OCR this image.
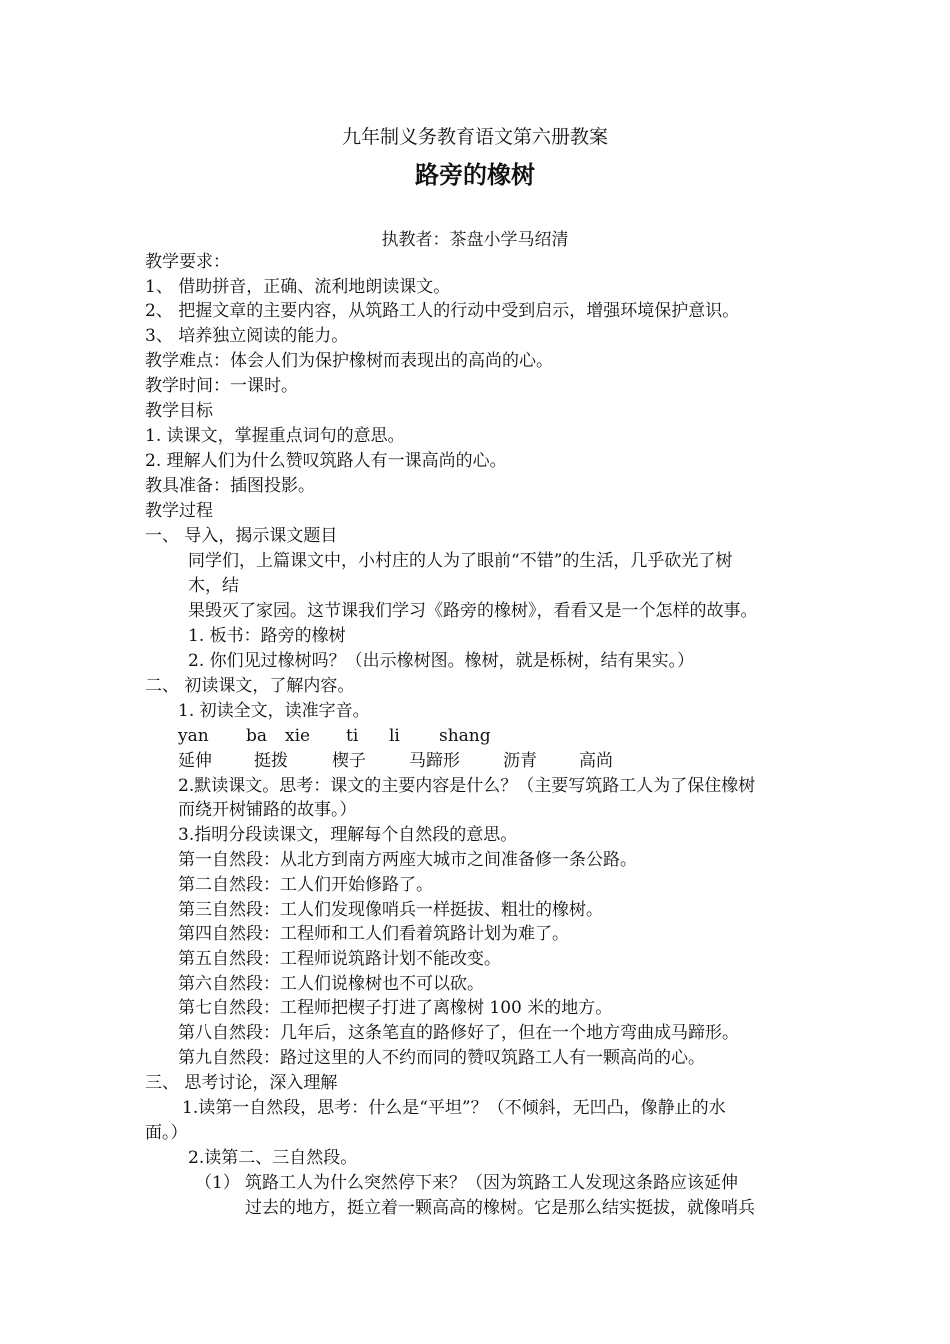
九年制义务教育语文第六册教案
路旁的橡树
执教者：茶盘小学马绍清
教学要求：
1、 借助拼音，正确、流利地朗读课文。
2、 把握文章的主要内容，从筑路工人的行动中受到启示，增强环境保护意识。
3、 培养独立阅读的能力。
教学难点：体会人们为保护橡树而表现出的高尚的心。
教学时间：一课时。
教学目标
1. 读课文，掌握重点词句的意思。
2. 理解人们为什么赞叹筑路人有一课高尚的心。
教具准备：插图投影。
教学过程
一、 导入，揭示课文题目
同学们，上篇课文中，小村庄的人为了眼前“不错”的生活，几乎砍光了树
木，结
果毁灭了家园。这节课我们学习《路旁的橡树》，看看又是一个怎样的故事。
1. 板书：路旁的橡树
2. 你们见过橡树吗？（出示橡树图。橡树，就是栎树，结有果实。）
二、 初读课文，了解内容。
1. 初读全文，读准字音。
yan ba xie ti li shang
延伸 挺拨	楔子	马蹄形	沥青 高尚
2.默读课文。思考：课文的主要内容是什么？（主要写筑路工人为了保住橡树
而绕开树铺路的故事。）
3.指明分段读课文，理解每个自然段的意思。
第一自然段：从北方到南方两座大城市之间准备修一条公路。
第二自然段：工人们开始修路了。
第三自然段：工人们发现像哨兵一样挺拔、粗壮的橡树。
第四自然段：工程师和工人们看着筑路计划为难了。
第五自然段：工程师说筑路计划不能改变。
第六自然段：工人们说橡树也不可以砍。
第七自然段：工程师把楔子打进了离橡树 100 米的地方。
第八自然段：几年后，这条笔直的路修好了，但在一个地方弯曲成马蹄形。
第九自然段：路过这里的人不约而同的赞叹筑路工人有一颗高尚的心。
三、 思考讨论，深入理解
1.读第一自然段，思考：什么是“平坦”？（不倾斜，无凹凸，像静止的水
面。）
2.读第二、三自然段。
（1） 筑路工人为什么突然停下来？（因为筑路工人发现这条路应该延伸
过去的地方，挺立着一颗高高的橡树。它是那么结实挺拔，就像哨兵
